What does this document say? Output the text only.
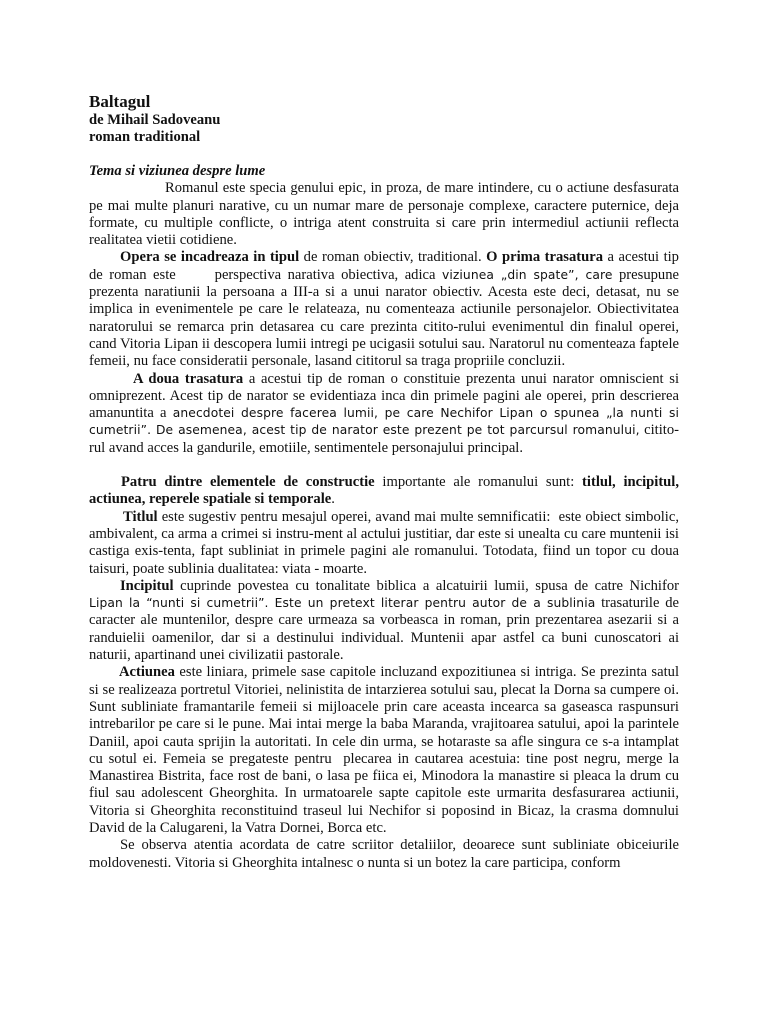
Baltagul

de Mihail Sadoveanu

roman traditional

Tema si viziunea despre lume

Romanul este specia genului epic, in proza, de mare intindere, cu o actiune desfasurata pe mai multe planuri narative, cu un numar mare de personaje complexe, caractere puternice, deja formate, cu multiple conflicte, o intriga atent construita si care prin intermediul actiunii reflecta realitatea vietii cotidiene.

Opera se incadreaza in tipul de roman obiectiv, traditional. O prima trasatura a acestui tip de roman este      perspectiva narativa obiectiva, adica viziunea „din spate”, care presupune prezenta naratiunii la persoana a III-a si a unui narator obiectiv. Acesta este deci, detasat, nu se implica in evenimentele pe care le relateaza, nu comenteaza actiunile personajelor. Obiectivitatea naratorului se remarca prin detasarea cu care prezinta citito-rului evenimentul din finalul operei, cand Vitoria Lipan ii descopera lumii intregi pe ucigasii sotului sau. Naratorul nu comenteaza faptele femeii, nu face consideratii personale, lasand cititorul sa traga propriile concluzii.

A doua trasatura a acestui tip de roman o constituie prezenta unui narator omniscient si omniprezent. Acest tip de narator se evidentiaza inca din primele pagini ale operei, prin descrierea amanuntita a anecdotei despre facerea lumii, pe care Nechifor Lipan o spunea „la nunti si cumetrii”. De asemenea, acest tip de narator este prezent pe tot parcursul romanului, citito-rul avand acces la gandurile, emotiile, sentimentele personajului principal.

Patru dintre elementele de constructie importante ale romanului sunt: titlul, incipitul, actiunea, reperele spatiale si temporale.

Titlul este sugestiv pentru mesajul operei, avand mai multe semnificatii:  este obiect simbolic, ambivalent, ca arma a crimei si instru-ment al actului justitiar, dar este si unealta cu care muntenii isi castiga exis-tenta, fapt subliniat in primele pagini ale romanului. Totodata, fiind un topor cu doua taisuri, poate sublinia dualitatea: viata - moarte.

Incipitul cuprinde povestea cu tonalitate biblica a alcatuirii lumii, spusa de catre Nichifor Lipan la “nunti si cumetrii”. Este un pretext literar pentru autor de a sublinia trasaturile de caracter ale muntenilor, despre care urmeaza sa vorbeasca in roman, prin prezentarea asezarii si a randuielii oamenilor, dar si a destinului individual. Muntenii apar astfel ca buni cunoscatori ai naturii, apartinand unei civilizatii pastorale.

Actiunea este liniara, primele sase capitole incluzand expozitiunea si intriga. Se prezinta satul si se realizeaza portretul Vitoriei, nelinistita de intarzierea sotului sau, plecat la Dorna sa cumpere oi. Sunt subliniate framantarile femeii si mijloacele prin care aceasta incearca sa gaseasca raspunsuri intrebarilor pe care si le pune. Mai intai merge la baba Maranda, vrajitoarea satului, apoi la parintele Daniil, apoi cauta sprijin la autoritati. In cele din urma, se hotaraste sa afle singura ce s-a intamplat cu sotul ei. Femeia se pregateste pentru  plecarea in cautarea acestuia: tine post negru, merge la Manastirea Bistrita, face rost de bani, o lasa pe fiica ei, Minodora la manastire si pleaca la drum cu fiul sau adolescent Gheorghita. In urmatoarele sapte capitole este urmarita desfasurarea actiunii, Vitoria si Gheorghita reconstituind traseul lui Nechifor si poposind in Bicaz, la crasma domnului David de la Calugareni, la Vatra Dornei, Borca etc.

Se observa atentia acordata de catre scriitor detaliilor, deoarece sunt subliniate obiceiurile moldovenesti. Vitoria si Gheorghita intalnesc o nunta si un botez la care participa, conform
